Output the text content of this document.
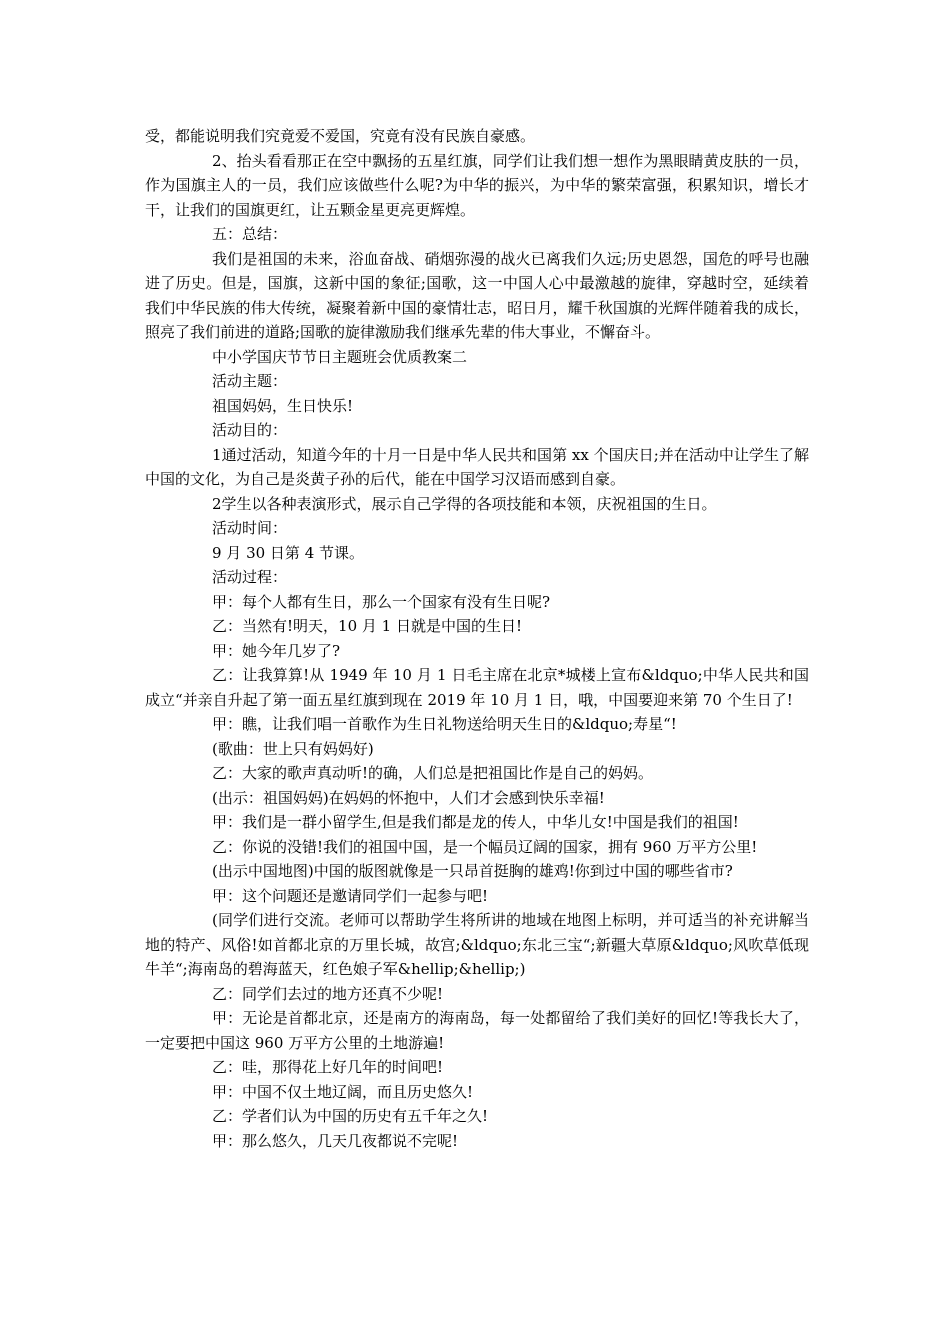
受，都能说明我们究竟爱不爱国，究竟有没有民族自豪感。

2、抬头看看那正在空中飘扬的五星红旗，同学们让我们想一想作为黑眼睛黄皮肤的一员，作为国旗主人的一员，我们应该做些什么呢?为中华的振兴，为中华的繁荣富强，积累知识，增长才干，让我们的国旗更红，让五颗金星更亮更辉煌。

五：总结：

我们是祖国的未来，浴血奋战、硝烟弥漫的战火已离我们久远;历史恩怨，国危的呼号也融进了历史。但是，国旗，这新中国的象征;国歌，这一中国人心中最激越的旋律，穿越时空，延续着我们中华民族的伟大传统，凝聚着新中国的豪情壮志，昭日月，耀千秋国旗的光辉伴随着我的成长，照亮了我们前进的道路;国歌的旋律激励我们继承先辈的伟大事业，不懈奋斗。

中小学国庆节节日主题班会优质教案二

活动主题：

祖国妈妈，生日快乐!

活动目的：

1通过活动，知道今年的十月一日是中华人民共和国第 xx 个国庆日;并在活动中让学生了解中国的文化，为自己是炎黄子孙的后代，能在中国学习汉语而感到自豪。

2学生以各种表演形式，展示自己学得的各项技能和本领，庆祝祖国的生日。

活动时间：

9 月 30 日第 4 节课。

活动过程：

甲：每个人都有生日，那么一个国家有没有生日呢?

乙：当然有!明天，10 月 1 日就是中国的生日!

甲：她今年几岁了?

乙：让我算算!从 1949 年 10 月 1 日毛主席在北京*城楼上宣布&ldquo;中华人民共和国成立“并亲自升起了第一面五星红旗到现在 2019 年 10 月 1 日，哦，中国要迎来第 70 个生日了!

甲：瞧，让我们唱一首歌作为生日礼物送给明天生日的&ldquo;寿星“!

(歌曲：世上只有妈妈好)

乙：大家的歌声真动听!的确，人们总是把祖国比作是自己的妈妈。

(出示：祖国妈妈)在妈妈的怀抱中，人们才会感到快乐幸福!

甲：我们是一群小留学生,但是我们都是龙的传人，中华儿女!中国是我们的祖国!

乙：你说的没错!我们的祖国中国，是一个幅员辽阔的国家，拥有 960 万平方公里!

(出示中国地图)中国的版图就像是一只昂首挺胸的雄鸡!你到过中国的哪些省市?

甲：这个问题还是邀请同学们一起参与吧!

(同学们进行交流。老师可以帮助学生将所讲的地域在地图上标明，并可适当的补充讲解当地的特产、风俗!如首都北京的万里长城，故宫;&ldquo;东北三宝“;新疆大草原&ldquo;风吹草低现牛羊“;海南岛的碧海蓝天，红色娘子军&hellip;&hellip;)

乙：同学们去过的地方还真不少呢!

甲：无论是首都北京，还是南方的海南岛，每一处都留给了我们美好的回忆!等我长大了，一定要把中国这 960 万平方公里的土地游遍!

乙：哇，那得花上好几年的时间吧!

甲：中国不仅土地辽阔，而且历史悠久!

乙：学者们认为中国的历史有五千年之久!

甲：那么悠久，几天几夜都说不完呢!
